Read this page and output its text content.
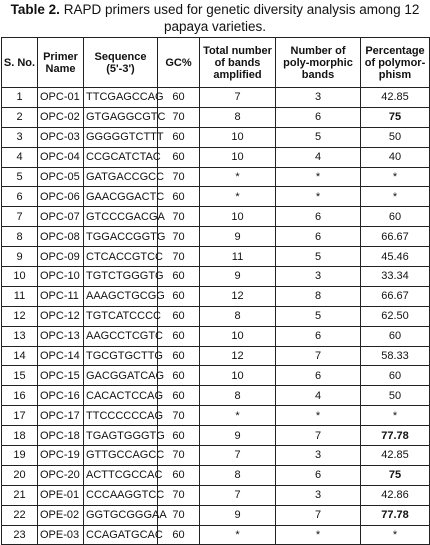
Table 2. RAPD primers used for genetic diversity analysis among 12 papaya varieties.
S. No.	Primer Name	Sequence (5'-3')	GC%	Total number of bands amplified	Number of poly-morphic bands	Percentage of polymor-phism
1	OPC-01	TTCGAGCCAG	60	7	3	42.85
2	OPC-02	GTGAGGCGTC	70	8	6	75
3	OPC-03	GGGGGTCTTT	60	10	5	50
4	OPC-04	CCGCATCTAC	60	10	4	40
5	OPC-05	GATGACCGCC	70	*	*	*
6	OPC-06	GAACGGACTC	60	*	*	*
7	OPC-07	GTCCCGACGA	70	10	6	60
8	OPC-08	TGGACCGGTG	70	9	6	66.67
9	OPC-09	CTCACCGTCC	70	11	5	45.46
10	OPC-10	TGTCTGGGTG	60	9	3	33.34
11	OPC-11	AAAGCTGCGG	60	12	8	66.67
12	OPC-12	TGTCATCCCC	60	8	5	62.50
13	OPC-13	AAGCCTCGTC	60	10	6	60
14	OPC-14	TGCGTGCTTG	60	12	7	58.33
15	OPC-15	GACGGATCAG	60	10	6	60
16	OPC-16	CACACTCCAG	60	8	4	50
17	OPC-17	TTCCCCCCAG	70	*	*	*
18	OPC-18	TGAGTGGGTG	60	9	7	77.78
19	OPC-19	GTTGCCAGCC	70	7	3	42.85
20	OPC-20	ACTTCGCCAC	60	8	6	75
21	OPE-01	CCCAAGGTCC	70	7	3	42.86
22	OPE-02	GGTGCGGGAA	70	9	7	77.78
23	OPE-03	CCAGATGCAC	60	*	*	*
